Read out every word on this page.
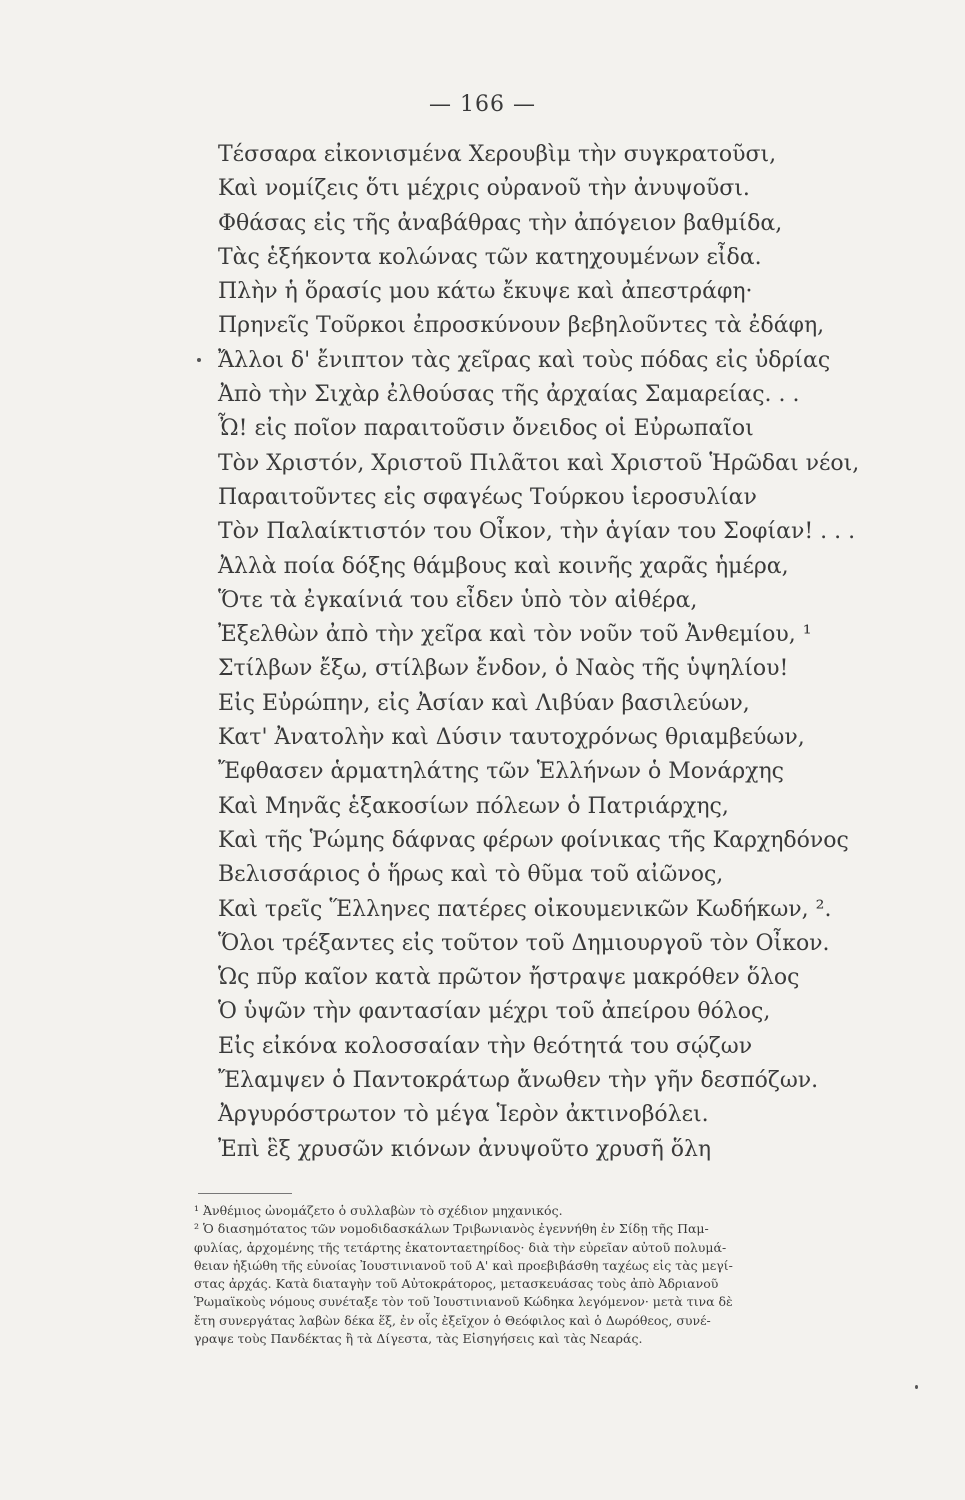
— 166 —
Τέσσαρα εἰκονισμένα Χερουβὶμ τὴν συγκρατοῦσι,
Καὶ νομίζεις ὅτι μέχρις οὐρανοῦ τὴν ἀνυψοῦσι.
Φθάσας εἰς τῆς ἀναβάθρας τὴν ἀπόγειον βαθμίδα,
Τὰς ἑξήκοντα κολώνας τῶν κατηχουμένων εἶδα.
Πλὴν ἡ ὅρασίς μου κάτω ἔκυψε καὶ ἀπεστράφη·
Πρηνεῖς Τοῦρκοι ἐπροσκύνουν βεβηλοῦντες τὰ ἐδάφη,
Ἄλλοι δ' ἔνιπτον τὰς χεῖρας καὶ τοὺς πόδας εἰς ὑδρίας
Ἀπὸ τὴν Σιχὰρ ἐλθούσας τῆς ἀρχαίας Σαμαρείας. . .
Ὦ! εἰς ποῖον παραιτοῦσιν ὄνειδος οἱ Εὐρωπαῖοι
Τὸν Χριστόν, Χριστοῦ Πιλᾶτοι καὶ Χριστοῦ Ἡρῶδαι νέοι,
Παραιτοῦντες εἰς σφαγέως Τούρκου ἱεροσυλίαν
Τὸν Παλαίκτιστόν του Οἶκον, τὴν ἁγίαν του Σοφίαν! . . .
Ἀλλὰ ποία δόξης θάμβους καὶ κοινῆς χαρᾶς ἡμέρα,
Ὅτε τὰ ἐγκαίνιά του εἶδεν ὑπὸ τὸν αἰθέρα,
Ἐξελθὼν ἀπὸ τὴν χεῖρα καὶ τὸν νοῦν τοῦ Ἀνθεμίου, ¹
Στίλβων ἔξω, στίλβων ἔνδον, ὁ Ναὸς τῆς ὑψηλίου!
Εἰς Εὐρώπην, εἰς Ἀσίαν καὶ Λιβύαν βασιλεύων,
Κατ' Ἀνατολὴν καὶ Δύσιν ταυτοχρόνως θριαμβεύων,
Ἔφθασεν ἁρματηλάτης τῶν Ἑλλήνων ὁ Μονάρχης
Καὶ Μηνᾶς ἑξακοσίων πόλεων ὁ Πατριάρχης,
Καὶ τῆς Ῥώμης δάφνας φέρων φοίνικας τῆς Καρχηδόνος
Βελισσάριος ὁ ἥρως καὶ τὸ θῦμα τοῦ αἰῶνος,
Καὶ τρεῖς Ἕλληνες πατέρες οἰκουμενικῶν Κωδήκων, ².
Ὅλοι τρέξαντες εἰς τοῦτον τοῦ Δημιουργοῦ τὸν Οἶκον.
Ὡς πῦρ καῖον κατὰ πρῶτον ἤστραψε μακρόθεν ὅλος
Ὁ ὑψῶν τὴν φαντασίαν μέχρι τοῦ ἀπείρου θόλος,
Εἰς εἰκόνα κολοσσαίαν τὴν θεότητά του σῴζων
Ἔλαμψεν ὁ Παντοκράτωρ ἄνωθεν τὴν γῆν δεσπόζων.
Ἀργυρόστρωτον τὸ μέγα Ἱερὸν ἀκτινοβόλει.
Ἐπὶ ἓξ χρυσῶν κιόνων ἀνυψοῦτο χρυσῆ ὅλη
¹ Ἀνθέμιος ὠνομάζετο ὁ συλλαβὼν τὸ σχέδιον μηχανικός.
² Ὁ διασημότατος τῶν νομοδιδασκάλων Τριβωνιανὸς ἐγεννήθη ἐν Σίδῃ τῆς Παμ-
φυλίας, ἀρχομένης τῆς τετάρτης ἑκατονταετηρίδος· διὰ τὴν εὐρεῖαν αὐτοῦ πολυμά-
θειαν ἠξιώθη τῆς εὐνοίας Ἰουστινιανοῦ τοῦ Α' καὶ προεβιβάσθη ταχέως εἰς τὰς μεγί-
στας ἀρχάς. Κατὰ διαταγὴν τοῦ Αὐτοκράτορος, μετασκευάσας τοὺς ἀπὸ Ἀδριανοῦ
Ῥωμαϊκοὺς νόμους συνέταξε τὸν τοῦ Ἰουστινιανοῦ Κώδηκα λεγόμενον· μετὰ τινα δὲ
ἔτη συνεργάτας λαβὼν δέκα ἕξ, ἐν οἷς ἐξεῖχον ὁ Θεόφιλος καὶ ὁ Δωρόθεος, συνέ-
γραψε τοὺς Πανδέκτας ἢ τὰ Δίγεστα, τὰς Εἰσηγήσεις καὶ τὰς Νεαράς.
